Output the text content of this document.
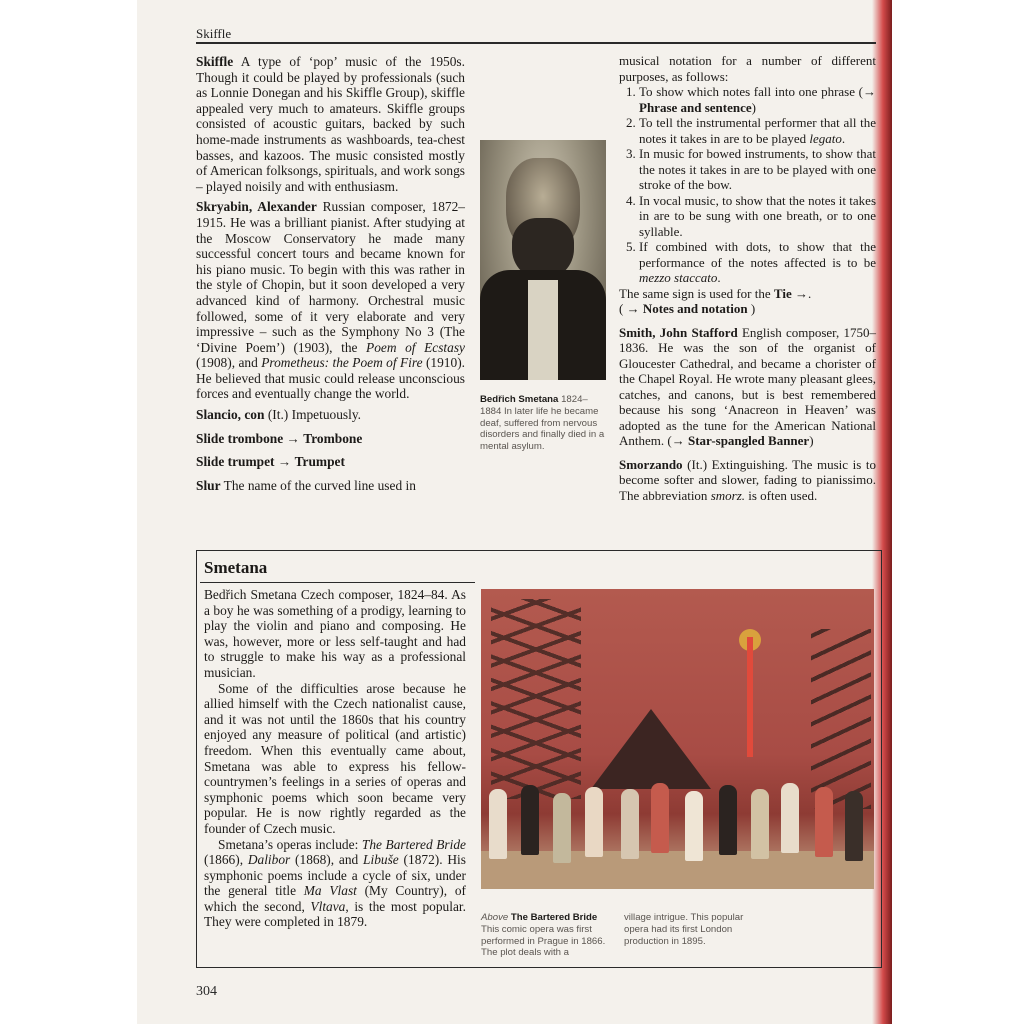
Skiffle

Skiffle A type of ‘pop’ music of the 1950s. Though it could be played by professionals (such as Lonnie Donegan and his Skiffle Group), skiffle appealed very much to amateurs. Skiffle groups consisted of acoustic guitars, backed by such home-made instruments as washboards, tea-chest basses, and kazoos. The music consisted mostly of American folksongs, spirituals, and work songs – played noisily and with enthusiasm.

Skryabin, Alexander Russian composer, 1872–1915. He was a brilliant pianist. After studying at the Moscow Conservatory he made many successful concert tours and became known for his piano music. To begin with this was rather in the style of Chopin, but it soon developed a very advanced kind of harmony. Orchestral music followed, some of it very elaborate and very impressive – such as the Symphony No 3 (The ‘Divine Poem’) (1903), the Poem of Ecstasy (1908), and Prometheus: the Poem of Fire (1910). He believed that music could release unconscious forces and eventually change the world.

Slancio, con (It.) Impetuously.

Slide trombone → Trombone

Slide trumpet → Trumpet

Slur The name of the curved line used in

Bedřich Smetana 1824–1884 In later life he became deaf, suffered from nervous disorders and finally died in a mental asylum.

musical notation for a number of different purposes, as follows:

1. To show which notes fall into one phrase (→ Phrase and sentence)
2. To tell the instrumental performer that all the notes it takes in are to be played legato.
3. In music for bowed instruments, to show that the notes it takes in are to be played with one stroke of the bow.
4. In vocal music, to show that the notes it takes in are to be sung with one breath, or to one syllable.
5. If combined with dots, to show that the performance of the notes affected is to be mezzo staccato.

The same sign is used for the Tie →.

( → Notes and notation )

Smith, John Stafford English composer, 1750–1836. He was the son of the organist of Gloucester Cathedral, and became a chorister of the Chapel Royal. He wrote many pleasant glees, catches, and canons, but is best remembered because his song ‘Anacreon in Heaven’ was adopted as the tune for the American National Anthem. (→ Star-spangled Banner)

Smorzando (It.) Extinguishing. The music is to become softer and slower, fading to pianissimo. The abbreviation smorz. is often used.

Smetana

Bedřich Smetana Czech composer, 1824–84. As a boy he was something of a prodigy, learning to play the violin and piano and composing. He was, however, more or less self-taught and had to struggle to make his way as a professional musician.

Some of the difficulties arose because he allied himself with the Czech nationalist cause, and it was not until the 1860s that his country enjoyed any measure of political (and artistic) freedom. When this eventually came about, Smetana was able to express his fellow-countrymen’s feelings in a series of operas and symphonic poems which soon became very popular. He is now rightly regarded as the founder of Czech music.

Smetana’s operas include: The Bartered Bride (1866), Dalibor (1868), and Libuše (1872). His symphonic poems include a cycle of six, under the general title Ma Vlast (My Country), of which the second, Vltava, is the most popular. They were completed in 1879.	Above The Bartered Bride This comic opera was first performed in Prague in 1866. The plot deals with a
village intrigue. This popular opera had its first London production in 1895.
304
